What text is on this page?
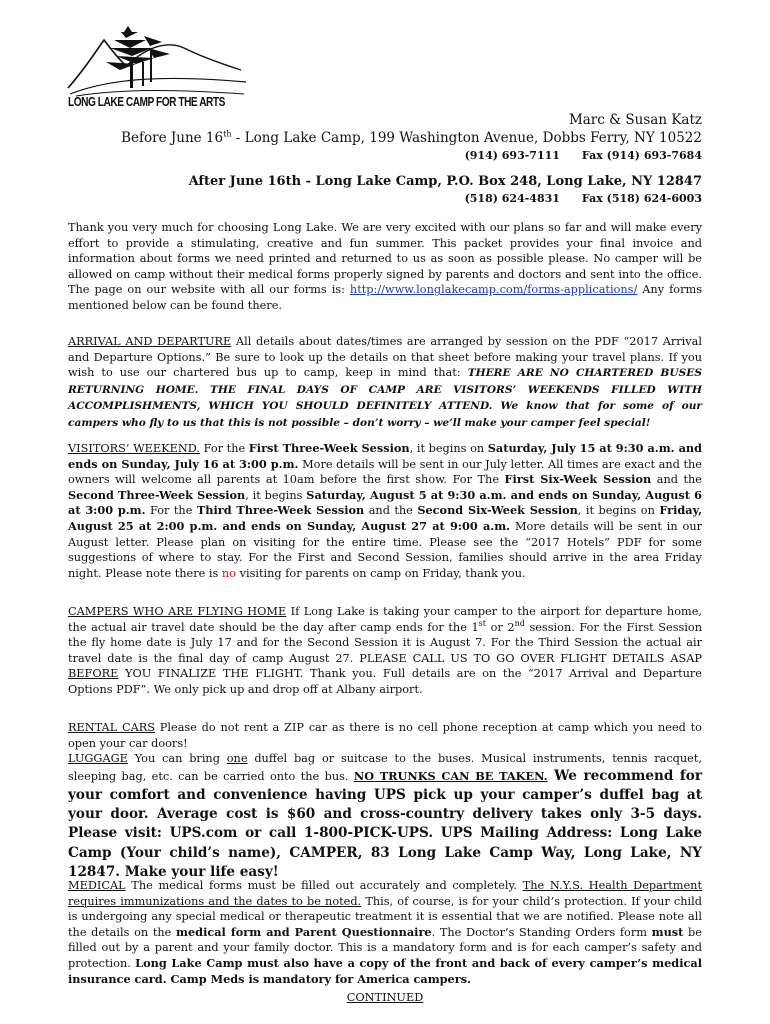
LONG LAKE CAMP FOR THE ARTS
Marc & Susan Katz
Before June 16th - Long Lake Camp, 199 Washington Avenue, Dobbs Ferry, NY 10522
(914) 693-7111 Fax (914) 693-7684
After June 16th - Long Lake Camp, P.O. Box 248, Long Lake, NY 12847
(518) 624-4831 Fax (518) 624-6003
Thank you very much for choosing Long Lake. We are very excited with our plans so far and will make every effort to provide a stimulating, creative and fun summer. This packet provides your final invoice and information about forms we need printed and returned to us as soon as possible please. No camper will be allowed on camp without their medical forms properly signed by parents and doctors and sent into the office. The page on our website with all our forms is: http://www.longlakecamp.com/forms-applications/ Any forms mentioned below can be found there.
ARRIVAL AND DEPARTURE All details about dates/times are arranged by session on the PDF “2017 Arrival and Departure Options.” Be sure to look up the details on that sheet before making your travel plans. If you wish to use our chartered bus up to camp, keep in mind that: THERE ARE NO CHARTERED BUSES RETURNING HOME. THE FINAL DAYS OF CAMP ARE VISITORS’ WEEKENDS FILLED WITH ACCOMPLISHMENTS, WHICH YOU SHOULD DEFINITELY ATTEND. We know that for some of our campers who fly to us that this is not possible – don’t worry – we’ll make your camper feel special!
VISITORS’ WEEKEND. For the First Three-Week Session, it begins on Saturday, July 15 at 9:30 a.m. and ends on Sunday, July 16 at 3:00 p.m. More details will be sent in our July letter. All times are exact and the owners will welcome all parents at 10am before the first show. For The First Six-Week Session and the Second Three-Week Session, it begins Saturday, August 5 at 9:30 a.m. and ends on Sunday, August 6 at 3:00 p.m. For the Third Three-Week Session and the Second Six-Week Session, it begins on Friday, August 25 at 2:00 p.m. and ends on Sunday, August 27 at 9:00 a.m. More details will be sent in our August letter. Please plan on visiting for the entire time. Please see the “2017 Hotels” PDF for some suggestions of where to stay. For the First and Second Session, families should arrive in the area Friday night. Please note there is no visiting for parents on camp on Friday, thank you.
CAMPERS WHO ARE FLYING HOME If Long Lake is taking your camper to the airport for departure home, the actual air travel date should be the day after camp ends for the 1st or 2nd session. For the First Session the fly home date is July 17 and for the Second Session it is August 7. For the Third Session the actual air travel date is the final day of camp August 27. PLEASE CALL US TO GO OVER FLIGHT DETAILS ASAP BEFORE YOU FINALIZE THE FLIGHT. Thank you. Full details are on the “2017 Arrival and Departure Options PDF”. We only pick up and drop off at Albany airport.
RENTAL CARS Please do not rent a ZIP car as there is no cell phone reception at camp which you need to open your car doors!
LUGGAGE You can bring one duffel bag or suitcase to the buses. Musical instruments, tennis racquet, sleeping bag, etc. can be carried onto the bus. NO TRUNKS CAN BE TAKEN. We recommend for your comfort and convenience having UPS pick up your camper’s duffel bag at your door. Average cost is $60 and cross-country delivery takes only 3-5 days. Please visit: UPS.com or call 1-800-PICK-UPS. UPS Mailing Address: Long Lake Camp (Your child’s name), CAMPER, 83 Long Lake Camp Way, Long Lake, NY 12847. Make your life easy!
MEDICAL The medical forms must be filled out accurately and completely. The N.Y.S. Health Department requires immunizations and the dates to be noted. This, of course, is for your child’s protection. If your child is undergoing any special medical or therapeutic treatment it is essential that we are notified. Please note all the details on the medical form and Parent Questionnaire. The Doctor’s Standing Orders form must be filled out by a parent and your family doctor. This is a mandatory form and is for each camper’s safety and protection. Long Lake Camp must also have a copy of the front and back of every camper’s medical insurance card. Camp Meds is mandatory for America campers.
CONTINUED
